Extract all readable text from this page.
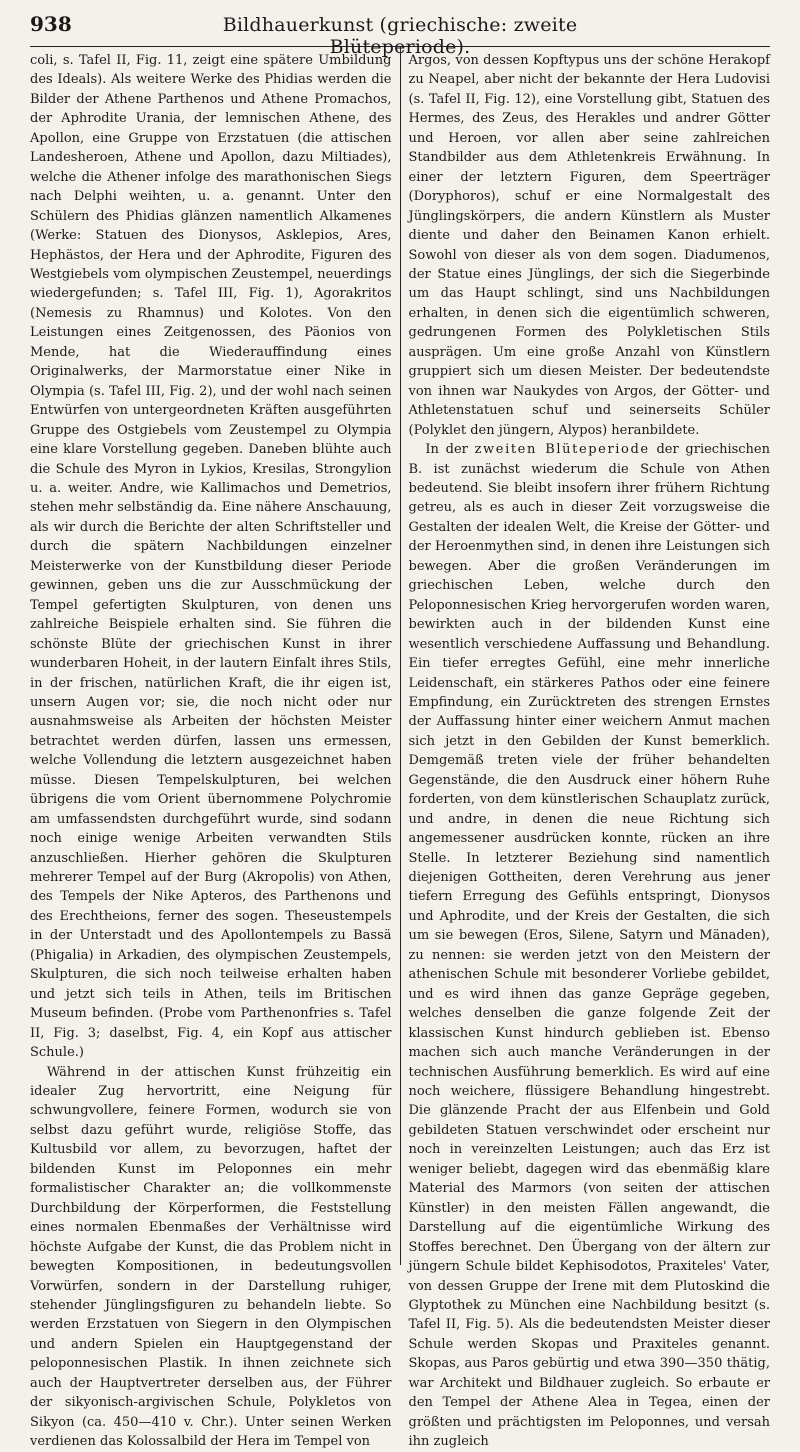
938	Bildhauerkunst (griechische: zweite Blüteperiode).

coli, s. Tafel II, Fig. 11, zeigt eine spätere Umbildung des Ideals). Als weitere Werke des Phidias werden die Bilder der Athene Parthenos und Athene Promachos, der Aphrodite Urania, der lemnischen Athene, des Apollon, eine Gruppe von Erzstatuen (die attischen Landesheroen, Athene und Apollon, dazu Miltiades), welche die Athener infolge des marathonischen Siegs nach Delphi weihten, u. a. genannt. Unter den Schülern des Phidias glänzen namentlich Alkamenes (Werke: Statuen des Dionysos, Asklepios, Ares, Hephästos, der Hera und der Aphrodite, Figuren des Westgiebels vom olympischen Zeustempel, neuerdings wiedergefunden; s. Tafel III, Fig. 1), Agorakritos (Nemesis zu Rhamnus) und Kolotes. Von den Leistungen eines Zeitgenossen, des Päonios von Mende, hat die Wiederauffindung eines Originalwerks, der Marmorstatue einer Nike in Olympia (s. Tafel III, Fig. 2), und der wohl nach seinen Entwürfen von untergeordneten Kräften ausgeführten Gruppe des Ostgiebels vom Zeustempel zu Olympia eine klare Vorstellung gegeben. Daneben blühte auch die Schule des Myron in Lykios, Kresilas, Strongylion u. a. weiter. Andre, wie Kallimachos und Demetrios, stehen mehr selbständig da. Eine nähere Anschauung, als wir durch die Berichte der alten Schriftsteller und durch die spätern Nachbildungen einzelner Meisterwerke von der Kunstbildung dieser Periode gewinnen, geben uns die zur Ausschmückung der Tempel gefertigten Skulpturen, von denen uns zahlreiche Beispiele erhalten sind. Sie führen die schönste Blüte der griechischen Kunst in ihrer wunderbaren Hoheit, in der lautern Einfalt ihres Stils, in der frischen, natürlichen Kraft, die ihr eigen ist, unsern Augen vor; sie, die noch nicht oder nur ausnahmsweise als Arbeiten der höchsten Meister betrachtet werden dürfen, lassen uns ermessen, welche Vollendung die letztern ausgezeichnet haben müsse. Diesen Tempelskulpturen, bei welchen übrigens die vom Orient übernommene Polychromie am umfassendsten durchgeführt wurde, sind sodann noch einige wenige Arbeiten verwandten Stils anzuschließen. Hierher gehören die Skulpturen mehrerer Tempel auf der Burg (Akropolis) von Athen, des Tempels der Nike Apteros, des Parthenons und des Erechtheions, ferner des sogen. Theseustempels in der Unterstadt und des Apollontempels zu Bassä (Phigalia) in Arkadien, des olympischen Zeustempels, Skulpturen, die sich noch teilweise erhalten haben und jetzt sich teils in Athen, teils im Britischen Museum befinden. (Probe vom Parthenonfries s. Tafel II, Fig. 3; daselbst, Fig. 4, ein Kopf aus attischer Schule.)

Während in der attischen Kunst frühzeitig ein idealer Zug hervortritt, eine Neigung für schwungvollere, feinere Formen, wodurch sie von selbst dazu geführt wurde, religiöse Stoffe, das Kultusbild vor allem, zu bevorzugen, haftet der bildenden Kunst im Peloponnes ein mehr formalistischer Charakter an; die vollkommenste Durchbildung der Körperformen, die Feststellung eines normalen Ebenmaßes der Verhältnisse wird höchste Aufgabe der Kunst, die das Problem nicht in bewegten Kompositionen, in bedeutungsvollen Vorwürfen, sondern in der Darstellung ruhiger, stehender Jünglingsfiguren zu behandeln liebte. So werden Erzstatuen von Siegern in den Olympischen und andern Spielen ein Hauptgegenstand der peloponnesischen Plastik. In ihnen zeichnete sich auch der Hauptvertreter derselben aus, der Führer der sikyonisch-argivischen Schule, Polykletos von Sikyon (ca. 450—410 v. Chr.). Unter seinen Werken verdienen das Kolossalbild der Hera im Tempel von

Argos, von dessen Kopftypus uns der schöne Herakopf zu Neapel, aber nicht der bekannte der Hera Ludovisi (s. Tafel II, Fig. 12), eine Vorstellung gibt, Statuen des Hermes, des Zeus, des Herakles und andrer Götter und Heroen, vor allen aber seine zahlreichen Standbilder aus dem Athletenkreis Erwähnung. In einer der letztern Figuren, dem Speerträger (Doryphoros), schuf er eine Normalgestalt des Jünglingskörpers, die andern Künstlern als Muster diente und daher den Beinamen Kanon erhielt. Sowohl von dieser als von dem sogen. Diadumenos, der Statue eines Jünglings, der sich die Siegerbinde um das Haupt schlingt, sind uns Nachbildungen erhalten, in denen sich die eigentümlich schweren, gedrungenen Formen des Polykletischen Stils ausprägen. Um eine große Anzahl von Künstlern gruppiert sich um diesen Meister. Der bedeutendste von ihnen war Naukydes von Argos, der Götter- und Athletenstatuen schuf und seinerseits Schüler (Polyklet den jüngern, Alypos) heranbildete.

In der zweiten Blüteperiode der griechischen B. ist zunächst wiederum die Schule von Athen bedeutend. Sie bleibt insofern ihrer frühern Richtung getreu, als es auch in dieser Zeit vorzugsweise die Gestalten der idealen Welt, die Kreise der Götter- und der Heroenmythen sind, in denen ihre Leistungen sich bewegen. Aber die großen Veränderungen im griechischen Leben, welche durch den Peloponnesischen Krieg hervorgerufen worden waren, bewirkten auch in der bildenden Kunst eine wesentlich verschiedene Auffassung und Behandlung. Ein tiefer erregtes Gefühl, eine mehr innerliche Leidenschaft, ein stärkeres Pathos oder eine feinere Empfindung, ein Zurücktreten des strengen Ernstes der Auffassung hinter einer weichern Anmut machen sich jetzt in den Gebilden der Kunst bemerklich. Demgemäß treten viele der früher behandelten Gegenstände, die den Ausdruck einer höhern Ruhe forderten, von dem künstlerischen Schauplatz zurück, und andre, in denen die neue Richtung sich angemessener ausdrücken konnte, rücken an ihre Stelle. In letzterer Beziehung sind namentlich diejenigen Gottheiten, deren Verehrung aus jener tiefern Erregung des Gefühls entspringt, Dionysos und Aphrodite, und der Kreis der Gestalten, die sich um sie bewegen (Eros, Silene, Satyrn und Mänaden), zu nennen: sie werden jetzt von den Meistern der athenischen Schule mit besonderer Vorliebe gebildet, und es wird ihnen das ganze Gepräge gegeben, welches denselben die ganze folgende Zeit der klassischen Kunst hindurch geblieben ist. Ebenso machen sich auch manche Veränderungen in der technischen Ausführung bemerklich. Es wird auf eine noch weichere, flüssigere Behandlung hingestrebt. Die glänzende Pracht der aus Elfenbein und Gold gebildeten Statuen verschwindet oder erscheint nur noch in vereinzelten Leistungen; auch das Erz ist weniger beliebt, dagegen wird das ebenmäßig klare Material des Marmors (von seiten der attischen Künstler) in den meisten Fällen angewandt, die Darstellung auf die eigentümliche Wirkung des Stoffes berechnet. Den Übergang von der ältern zur jüngern Schule bildet Kephisodotos, Praxiteles' Vater, von dessen Gruppe der Irene mit dem Plutoskind die Glyptothek zu München eine Nachbildung besitzt (s. Tafel II, Fig. 5). Als die bedeutendsten Meister dieser Schule werden Skopas und Praxiteles genannt. Skopas, aus Paros gebürtig und etwa 390—350 thätig, war Architekt und Bildhauer zugleich. So erbaute er den Tempel der Athene Alea in Tegea, einen der größten und prächtigsten im Peloponnes, und versah ihn zugleich
